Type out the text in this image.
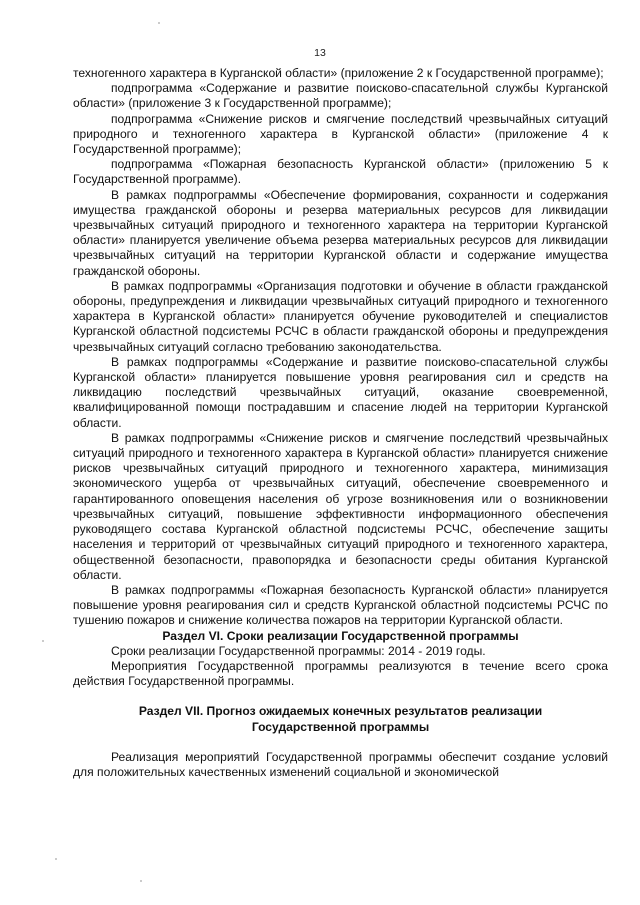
13

техногенного характера в Курганской области» (приложение 2 к Государственной программе);

подпрограмма «Содержание и развитие поисково-спасательной службы Курганской области» (приложение 3 к Государственной программе);

подпрограмма «Снижение рисков и смягчение последствий чрезвычайных ситуаций природного и техногенного характера в Курганской области» (приложение 4 к Государственной программе);

подпрограмма «Пожарная безопасность Курганской области» (приложению 5 к Государственной программе).

В рамках подпрограммы «Обеспечение формирования, сохранности и содержания имущества гражданской обороны и резерва материальных ресурсов для ликвидации чрезвычайных ситуаций природного и техногенного характера на территории Курганской области» планируется увеличение объема резерва материальных ресурсов для ликвидации чрезвычайных ситуаций на территории Курганской области и содержание имущества гражданской обороны.

В рамках подпрограммы «Организация подготовки и обучение в области гражданской обороны, предупреждения и ликвидации чрезвычайных ситуаций природного и техногенного характера в Курганской области» планируется обучение руководителей и специалистов Курганской областной подсистемы РСЧС в области гражданской обороны и предупреждения чрезвычайных ситуаций согласно требованию законодательства.

В рамках подпрограммы «Содержание и развитие поисково-спасательной службы Курганской области» планируется повышение уровня реагирования сил и средств на ликвидацию последствий чрезвычайных ситуаций, оказание своевременной, квалифицированной помощи пострадавшим и спасение людей на территории Курганской области.

В рамках подпрограммы «Снижение рисков и смягчение последствий чрезвычайных ситуаций природного и техногенного характера в Курганской области» планируется снижение рисков чрезвычайных ситуаций природного и техногенного характера, минимизация экономического ущерба от чрезвычайных ситуаций, обеспечение своевременного и гарантированного оповещения населения об угрозе возникновения или о возникновении чрезвычайных ситуаций, повышение эффективности информационного обеспечения руководящего состава Курганской областной подсистемы РСЧС, обеспечение защиты населения и территорий от чрезвычайных ситуаций природного и техногенного характера, общественной безопасности, правопорядка и безопасности среды обитания Курганской области.

В рамках подпрограммы «Пожарная безопасность Курганской области» планируется повышение уровня реагирования сил и средств Курганской областной подсистемы РСЧС по тушению пожаров и снижение количества пожаров на территории Курганской области.

Раздел VI. Сроки реализации Государственной программы

Сроки реализации Государственной программы: 2014 - 2019 годы.

Мероприятия Государственной программы реализуются в течение всего срока действия Государственной программы.

Раздел VII. Прогноз ожидаемых конечных результатов реализации

Государственной программы

Реализация мероприятий Государственной программы обеспечит создание условий для положительных качественных изменений социальной и экономической
